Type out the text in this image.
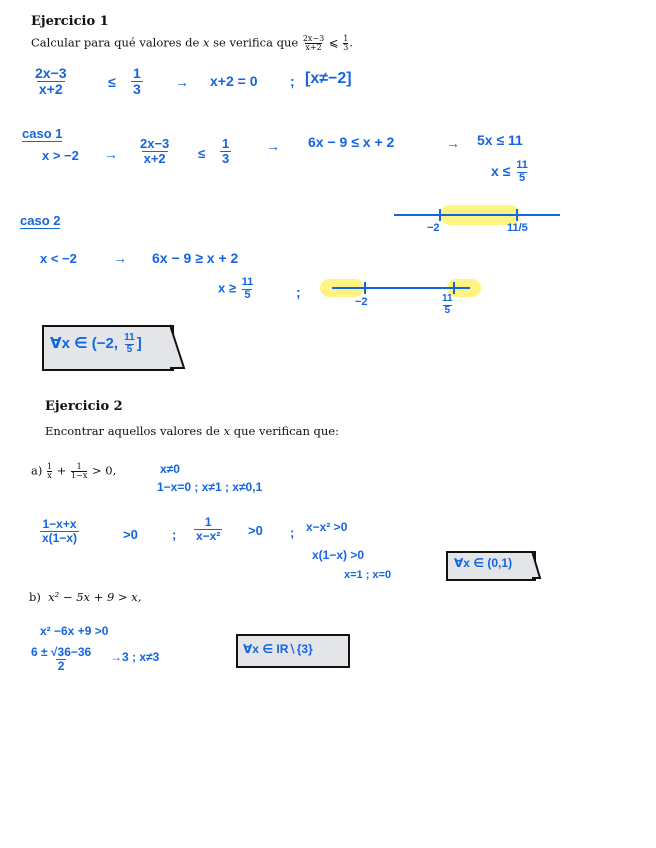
Ejercicio 1
Calcular para qué valores de x se verifica que $\frac{2x-3}{x+2}$ ⩽ $\frac{1}{3}$ .
$\frac{2x-3}{x+2}$	≤ $\frac{1}{3} \to x+2 = 0$ ; [x≠−2]
caso 1
$x > -2 \to \frac{2x-3}{x+2} \le \frac{1}{3} \to 6x - 9 \le x + 2$	→ 5x ≤ 11
$x \le \frac{11}{5}$
−2	11/5
caso 2
x < −2	→ 6x − 9 ≥ x + 2
$x \ge \frac{11}{5}$	;
−2	$\frac{11}{5}$
∀x ∈ (−2, $\frac{11}{5}$ ]
Ejercicio 2
Encontrar aquellos valores de x que verifican que:
$a) \frac{1}{x} + \frac{1}{1-x} > 0$,	x≠0
1−x=0 ; x≠1 ; x≠0,1
$\frac{1-x+x}{x(1-x)}$	>0	; $\frac{1}{\text{x−x²}} >0$ ; x−x² >0
x(1−x) >0
x=1 ; x=0
∀x ∈ (0,1)
b) x² − 5x + 9 > x,
x² −6x +9 >0
$\frac{6 \pm √36-36}{2} \to 3$ ; x≠3
∀x ∈ IR∖{3}
